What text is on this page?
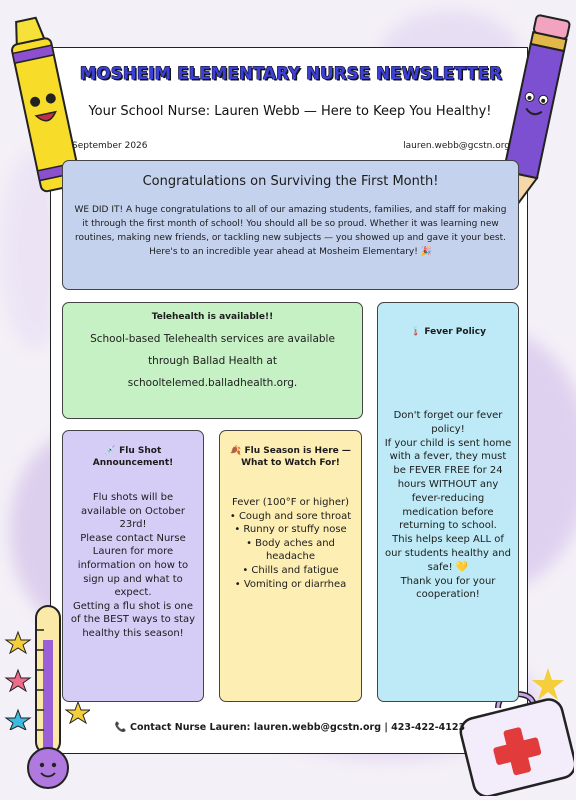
MOSHEIM ELEMENTARY NURSE NEWSLETTER
Your School Nurse: Lauren Webb — Here to Keep You Healthy!
September 2026	lauren.webb@gcstn.org
Congratulations on Surviving the First Month!

WE DID IT! A huge congratulations to all of our amazing students, families, and staff for making it through the first month of school! You should all be so proud. Whether it was learning new routines, making new friends, or tackling new subjects — you showed up and gave it your best. Here's to an incredible year ahead at Mosheim Elementary! 🎉

Telehealth is available!!

School-based Telehealth services are available through Ballad Health at schooltelemed.balladhealth.org.

🌡️ Fever Policy

Don't forget our fever policy!
If your child is sent home with a fever, they must be FEVER FREE for 24 hours WITHOUT any fever-reducing medication before returning to school.
This helps keep ALL of our students healthy and safe! 💛
Thank you for your cooperation!

💉 Flu Shot Announcement!

Flu shots will be available on October 23rd!
Please contact Nurse Lauren for more information on how to sign up and what to expect.
Getting a flu shot is one of the BEST ways to stay healthy this season!

🍂 Flu Season is Here — What to Watch For!

Fever (100°F or higher)
• Cough and sore throat
• Runny or stuffy nose
• Body aches and headache
• Chills and fatigue
• Vomiting or diarrhea

📞 Contact Nurse Lauren: lauren.webb@gcstn.org | 423-422-4123
